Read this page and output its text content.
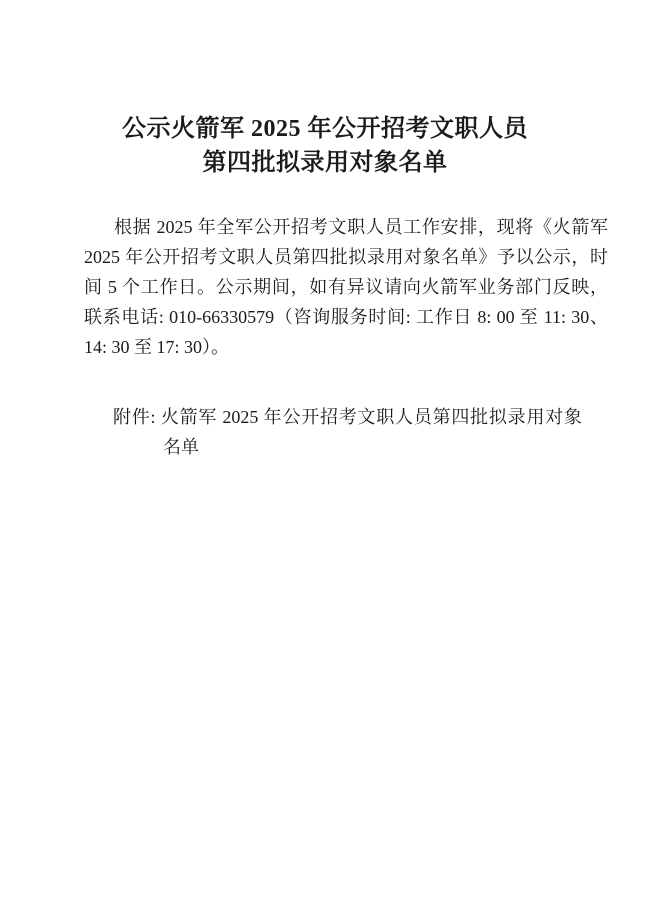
公示火箭军 2025 年公开招考文职人员
第四批拟录用对象名单

根据 2025 年全军公开招考文职人员工作安排，现将《火箭军

2025 年公开招考文职人员第四批拟录用对象名单》予以公示，时

间 5 个工作日。公示期间，如有异议请向火箭军业务部门反映，

联系电话: 010-66330579（咨询服务时间: 工作日 8: 00 至 11: 30、

14: 30 至 17: 30）。

附件: 火箭军 2025 年公开招考文职人员第四批拟录用对象

名单
